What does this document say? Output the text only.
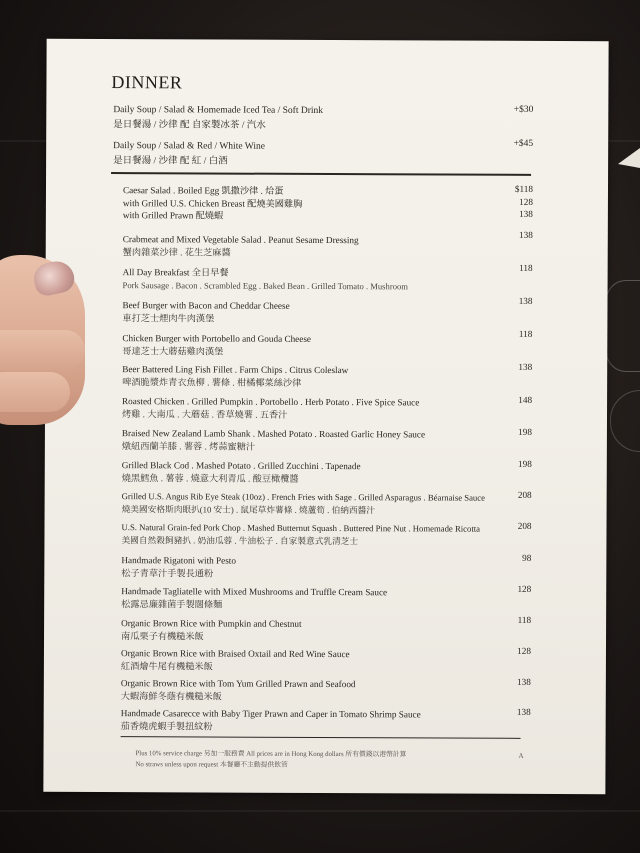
DINNER
Daily Soup / Salad & Homemade Iced Tea / Soft Drink
是日餐湯 / 沙律 配 自家製冰茶 / 汽水
+$30
Daily Soup / Salad & Red / White Wine
是日餐湯 / 沙律 配 紅 / 白酒
+$45
Caesar Salad . Boiled Egg 凱撒沙律 . 烚蛋
with Grilled U.S. Chicken Breast 配燒美國雞胸
with Grilled Prawn 配燒蝦
$118
128
138
Crabmeat and Mixed Vegetable Salad . Peanut Sesame Dressing
蟹肉雜菜沙律 . 花生芝麻醬
138
All Day Breakfast 全日早餐
Pork Sausage . Bacon . Scrambled Egg . Baked Bean . Grilled Tomato . Mushroom
118
Beef Burger with Bacon and Cheddar Cheese
車打芝士煙肉牛肉漢堡
138
Chicken Burger with Portobello and Gouda Cheese
哥達芝士大蘑菇雞肉漢堡
118
Beer Battered Ling Fish Fillet . Farm Chips . Citrus Coleslaw
啤酒脆漿炸青衣魚柳 . 薯條 . 柑橘椰菜絲沙律
138
Roasted Chicken . Grilled Pumpkin . Portobello . Herb Potato . Five Spice Sauce
烤雞 . 大南瓜 . 大蘑菇 . 香草燒薯 . 五香汁
148
Braised New Zealand Lamb Shank . Mashed Potato . Roasted Garlic Honey Sauce
燉紐西蘭羊膝 . 薯蓉 . 烤蒜蜜糖汁
198
Grilled Black Cod . Mashed Potato . Grilled Zucchini . Tapenade
燒黑鱈魚 . 薯蓉 . 燒意大利青瓜 . 酸豆橄欖醬
198
Grilled U.S. Angus Rib Eye Steak (10oz) . French Fries with Sage . Grilled Asparagus . Béarnaise Sauce
燒美國安格斯肉眼扒(10 安士) . 鼠尾草炸薯條 . 燒蘆筍 . 伯納西醬汁
208
U.S. Natural Grain-fed Pork Chop . Mashed Butternut Squash . Buttered Pine Nut . Homemade Ricotta
美國自然穀飼豬扒 . 奶油瓜蓉 . 牛油松子 . 自家製意式乳清芝士
208
Handmade Rigatoni with Pesto
松子青草汁手製長通粉
98
Handmade Tagliatelle with Mixed Mushrooms and Truffle Cream Sauce
松露忌廉雜菌手製闊條麵
128
Organic Brown Rice with Pumpkin and Chestnut
南瓜栗子有機糙米飯
118
Organic Brown Rice with Braised Oxtail and Red Wine Sauce
紅酒燴牛尾有機糙米飯
128
Organic Brown Rice with Tom Yum Grilled Prawn and Seafood
大蝦海鮮冬蔭有機糙米飯
138
Handmade Casarecce with Baby Tiger Prawn and Caper in Tomato Shrimp Sauce
茄香燒虎蝦手製扭紋粉
138
Plus 10% service charge 另加一服務費 All prices are in Hong Kong dollars 所有價錢以港幣計算
No straws unless upon request 本餐廳不主動提供飲管
A
